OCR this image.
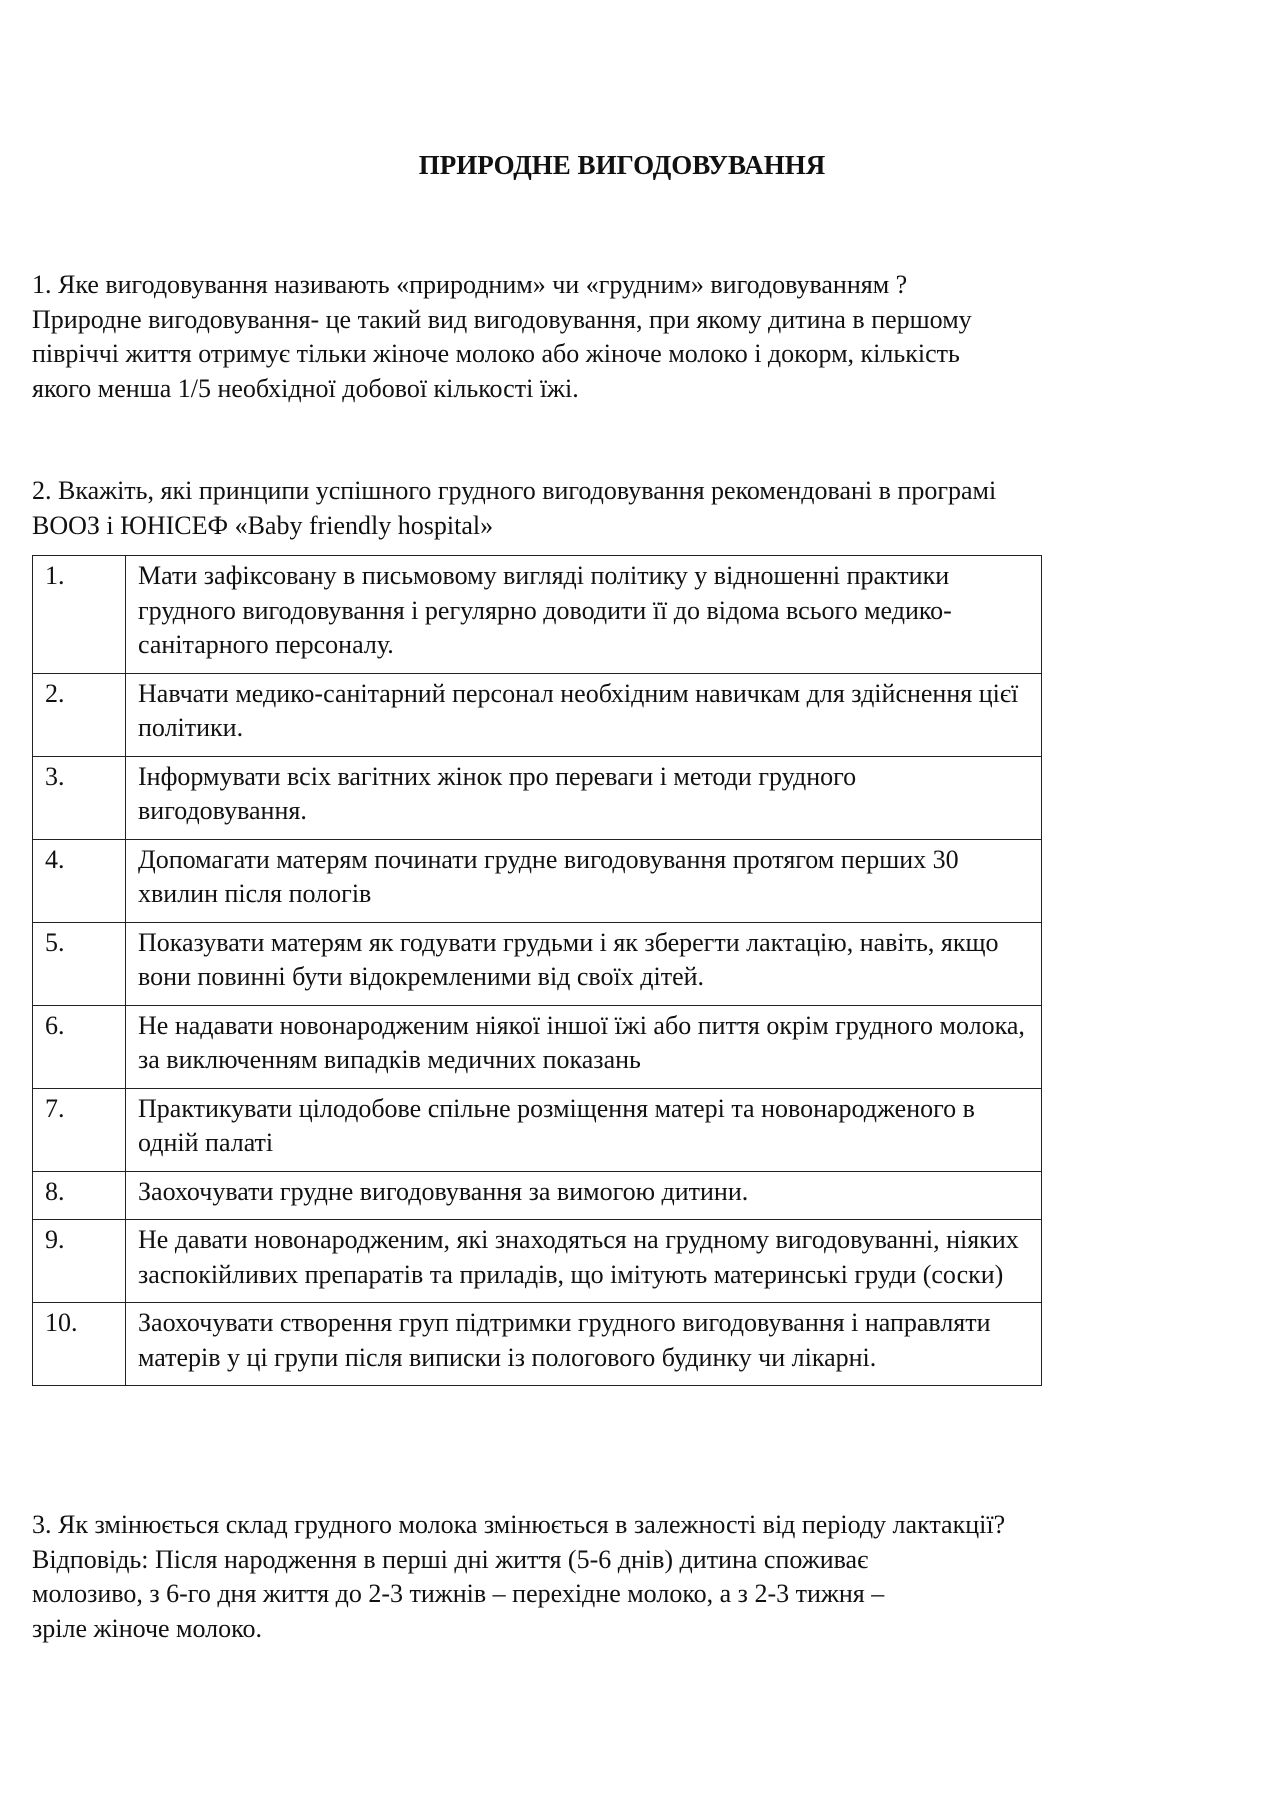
ПРИРОДНЕ ВИГОДОВУВАННЯ

1. Яке вигодовування називають «природним» чи «грудним» вигодовуванням ?

Природне вигодовування- це такий вид вигодовування, при якому дитина в першому

півріччі життя отримує тільки жіноче молоко або жіноче молоко і докорм, кількість

якого менша 1/5 необхідної добової кількості їжі.

2. Вкажіть, які принципи успішного грудного вигодовування рекомендовані в програмі

ВООЗ і ЮНІСЕФ «Baby friendly hospital»

1.	Мати зафіксовану в письмовому вигляді політику у відношенні практики грудного вигодовування і регулярно доводити її до відома всього медико-санітарного персоналу.
2.	Навчати медико-санітарний персонал необхідним навичкам для здійснення цієї політики.
3.	Інформувати всіх вагітних жінок про переваги і методи грудного вигодовування.
4.	Допомагати матерям починати грудне вигодовування протягом перших 30 хвилин після пологів
5.	Показувати матерям як годувати грудьми і як зберегти лактацію, навіть, якщо вони повинні бути відокремленими від своїх дітей.
6.	Не надавати новонародженим ніякої іншої їжі або пиття окрім грудного молока, за виключенням випадків медичних показань
7.	Практикувати цілодобове спільне розміщення матері та новонародженого в одній палаті
8.	Заохочувати грудне вигодовування за вимогою дитини.
9.	Не давати новонародженим, які знаходяться на грудному вигодовуванні, ніяких заспокійливих препаратів та приладів, що імітують материнські груди (соски)
10.	Заохочувати створення груп підтримки грудного вигодовування і направляти матерів у ці групи після виписки із пологового будинку чи лікарні.

3. Як змінюється склад грудного молока змінюється в залежності від періоду лактакції?

Відповідь: Після народження в перші дні життя (5-6 днів) дитина споживає

молозиво, з 6-го дня життя до 2-3 тижнів – перехідне молоко, а з 2-3 тижня –

зріле жіноче молоко.
